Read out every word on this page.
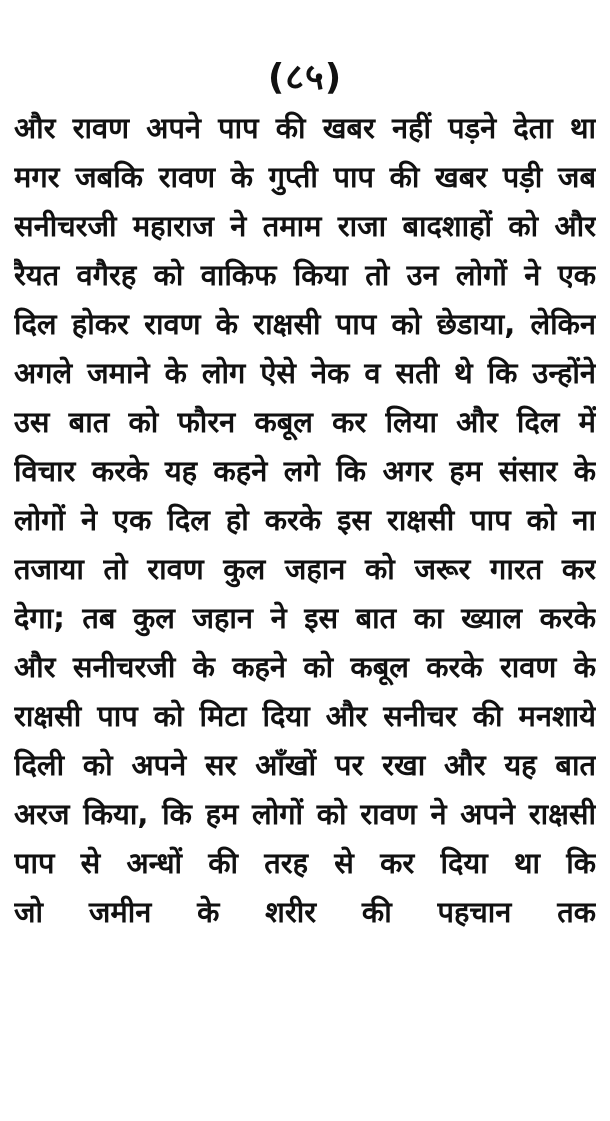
(८५)
और रावण अपने पाप की खबर नहीं पड़ने देता था
मगर जबकि रावण के गुप्ती पाप की खबर पड़ी जब
सनीचरजी महाराज ने तमाम राजा बादशाहों को और
रैयत वगैरह को वाकिफ किया तो उन लोगों ने एक
दिल होकर रावण के राक्षसी पाप को छेडाया, लेकिन
अगले जमाने के लोग ऐसे नेक व सती थे कि उन्होंने
उस बात को फौरन कबूल कर लिया और दिल में
विचार करके यह कहने लगे कि अगर हम संसार के
लोगों ने एक दिल हो करके इस राक्षसी पाप को ना
तजाया तो रावण कुल जहान को जरूर गारत कर
देगा; तब कुल जहान ने इस बात का ख्याल करके
और सनीचरजी के कहने को कबूल करके रावण के
राक्षसी पाप को मिटा दिया और सनीचर की मनशाये
दिली को अपने सर आँखों पर रखा और यह बात
अरज किया, कि हम लोगों को रावण ने अपने राक्षसी
पाप से अन्धों की तरह से कर दिया था कि
जो जमीन के शरीर की पहचान तक
